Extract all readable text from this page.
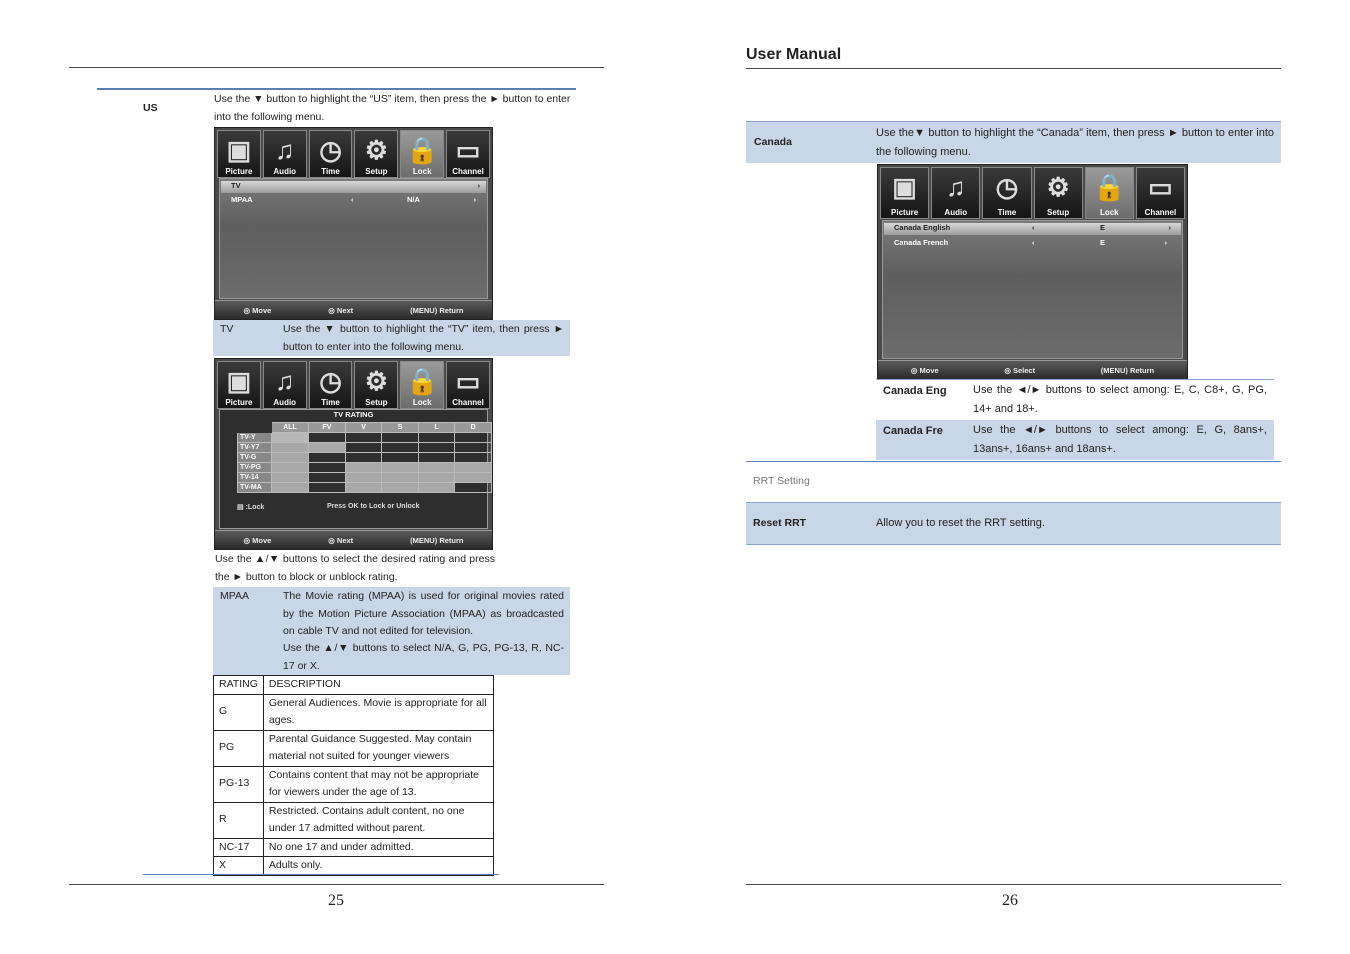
US
Use the ▼ button to highlight the “US” item, then press the ► button to enter into the following menu.
▣
Picture
♫
Audio
◷
Time
⚙
Setup
🔒
Lock
▭
Channel
TV	›
MPAA	‹	N/A	›
◎ Move	◎ Next	(MENU) Return
TV	Use the ▼ button to highlight the “TV” item, then press ► button to enter into the following menu.
▣
Picture
♫
Audio
◷
Time
⚙
Setup
🔒
Lock
▭
Channel
TV RATING
	ALL	FV	V	S	L	D
TV-Y						
TV-Y7						
TV-G						
TV-PG						
TV-14						
TV-MA						
▤ :Lock	Press OK to Lock or Unlock
◎ Move	◎ Next	(MENU) Return
Use the ▲/▼ buttons to select the desired rating and press the ► button to block or unblock rating.
MPAA	The Movie rating (MPAA) is used for original movies rated by the Motion Picture Association (MPAA) as broadcasted on cable TV and not edited for television.
Use the ▲/▼ buttons to select N/A, G, PG, PG-13, R, NC-17 or X.
RATING	DESCRIPTION
G	General Audiences. Movie is appropriate for all ages.
PG	Parental Guidance Suggested. May contain material not suited for younger viewers
PG-13	Contains content that may not be appropriate for viewers under the age of 13.
R	Restricted. Contains adult content, no one under 17 admitted without parent.
NC-17	No one 17 and under admitted.
X	Adults only.
25
User Manual
Canada
Use the▼ button to highlight the “Canada” item, then press ► button to enter into the following menu.
▣
Picture
♫
Audio
◷
Time
⚙
Setup
🔒
Lock
▭
Channel
Canada English	‹	E	›
Canada French	‹	E	›
◎ Move	◎ Select	(MENU) Return
Canada Eng Use the ◄/► buttons to select among: E, C, C8+, G, PG, 14+ and 18+.
Canada Fre	Use the ◄/► buttons to select among: E, G, 8ans+, 13ans+, 16ans+ and 18ans+.
RRT Setting
Reset RRT	Allow you to reset the RRT setting.
26
